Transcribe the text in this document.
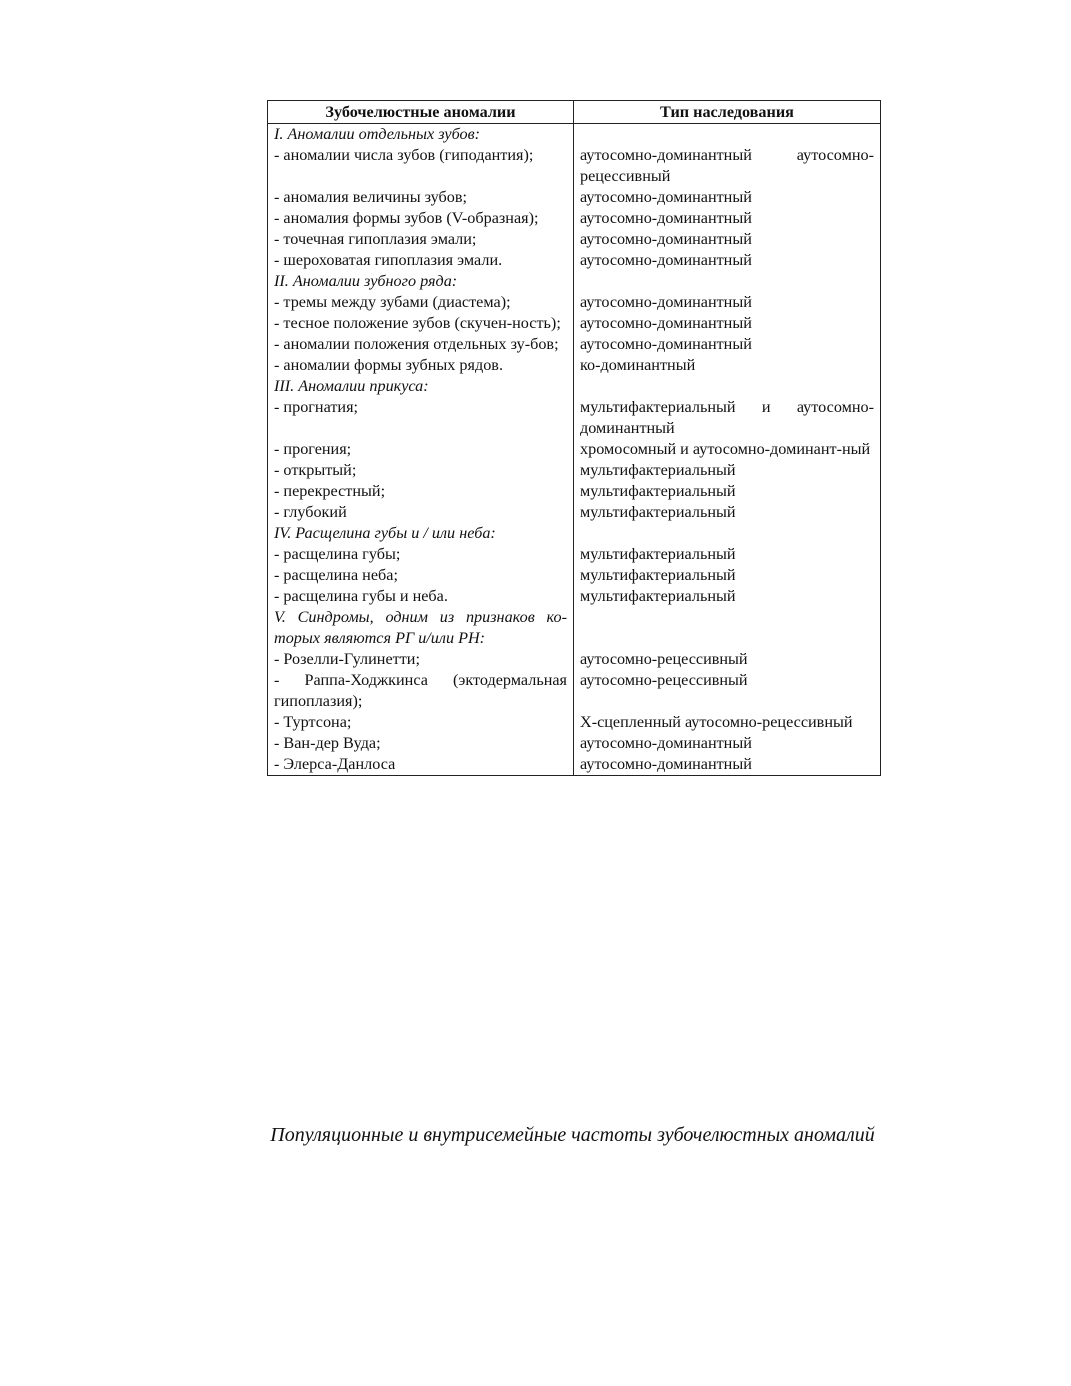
Зубочелюстные аномалии	Тип наследования
I. Аномалии отдельных зубов:	
- аномалии числа зубов (гиподантия);	аутосомно-доминантный аутосомно-рецессивный
- аномалия величины зубов;	аутосомно-доминантный
- аномалия формы зубов (V-образная);	аутосомно-доминантный
- точечная гипоплазия эмали;	аутосомно-доминантный
- шероховатая гипоплазия эмали.	аутосомно-доминантный
II. Аномалии зубного ряда:	
- тремы между зубами (диастема);	аутосомно-доминантный
- тесное положение зубов (скучен-ность);	аутосомно-доминантный
- аномалии положения отдельных зу-бов;	аутосомно-доминантный
- аномалии формы зубных рядов.	ко-доминантный
III. Аномалии прикуса:	
- прогнатия;	мультифактериальный и аутосомно-доминантный
- прогения;	хромосомный и аутосомно-доминант-ный
- открытый;	мультифактериальный
- перекрестный;	мультифактериальный
- глубокий	мультифактериальный
IV. Расщелина губы и / или неба:	
- расщелина губы;	мультифактериальный
- расщелина неба;	мультифактериальный
- расщелина губы и неба.	мультифактериальный
V. Синдромы, одним из признаков ко-торых являются РГ и/или РН:	
- Розелли-Гулинетти;	аутосомно-рецессивный
- Раппа-Ходжкинса (эктодермальная гипоплазия);	аутосомно-рецессивный
- Туртсона;	Х-сцепленный аутосомно-рецессивный
- Ван-дер Вуда;	аутосомно-доминантный
- Элерса-Данлоса	аутосомно-доминантный
Популяционные и внутрисемейные частоты зубочелюстных аномалий
